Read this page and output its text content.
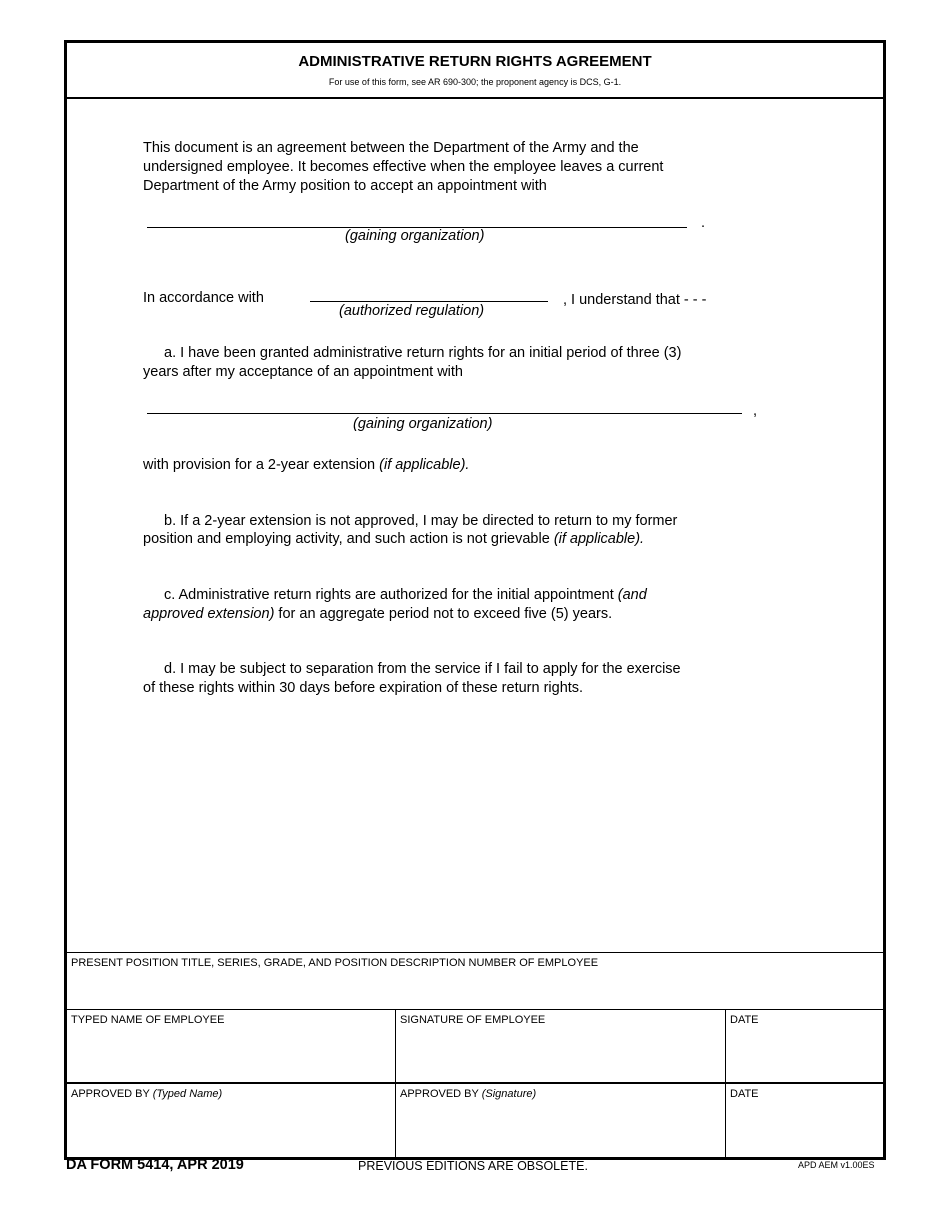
ADMINISTRATIVE RETURN RIGHTS AGREEMENT
For use of this form, see AR 690-300; the proponent agency is DCS, G-1.
This document is an agreement between the Department of the Army and the
undersigned employee. It becomes effective when the employee leaves a current
Department of the Army position to accept an appointment with
.
(gaining organization)
In accordance with	, I understand that - - -
(authorized regulation)
a. I have been granted administrative return rights for an initial period of three (3)
years after my acceptance of an appointment with
,
(gaining organization)
with provision for a 2-year extension (if applicable).
b. If a 2-year extension is not approved, I may be directed to return to my former
position and employing activity, and such action is not grievable (if applicable).
c. Administrative return rights are authorized for the initial appointment (and
approved extension) for an aggregate period not to exceed five (5) years.
d. I may be subject to separation from the service if I fail to apply for the exercise
of these rights within 30 days before expiration of these return rights.
PRESENT POSITION TITLE, SERIES, GRADE, AND POSITION DESCRIPTION NUMBER OF EMPLOYEE
TYPED NAME OF EMPLOYEE	SIGNATURE OF EMPLOYEE	DATE
APPROVED BY (Typed Name)	APPROVED BY (Signature)	DATE
DA FORM 5414, APR 2019	PREVIOUS EDITIONS ARE OBSOLETE.	APD AEM v1.00ES
